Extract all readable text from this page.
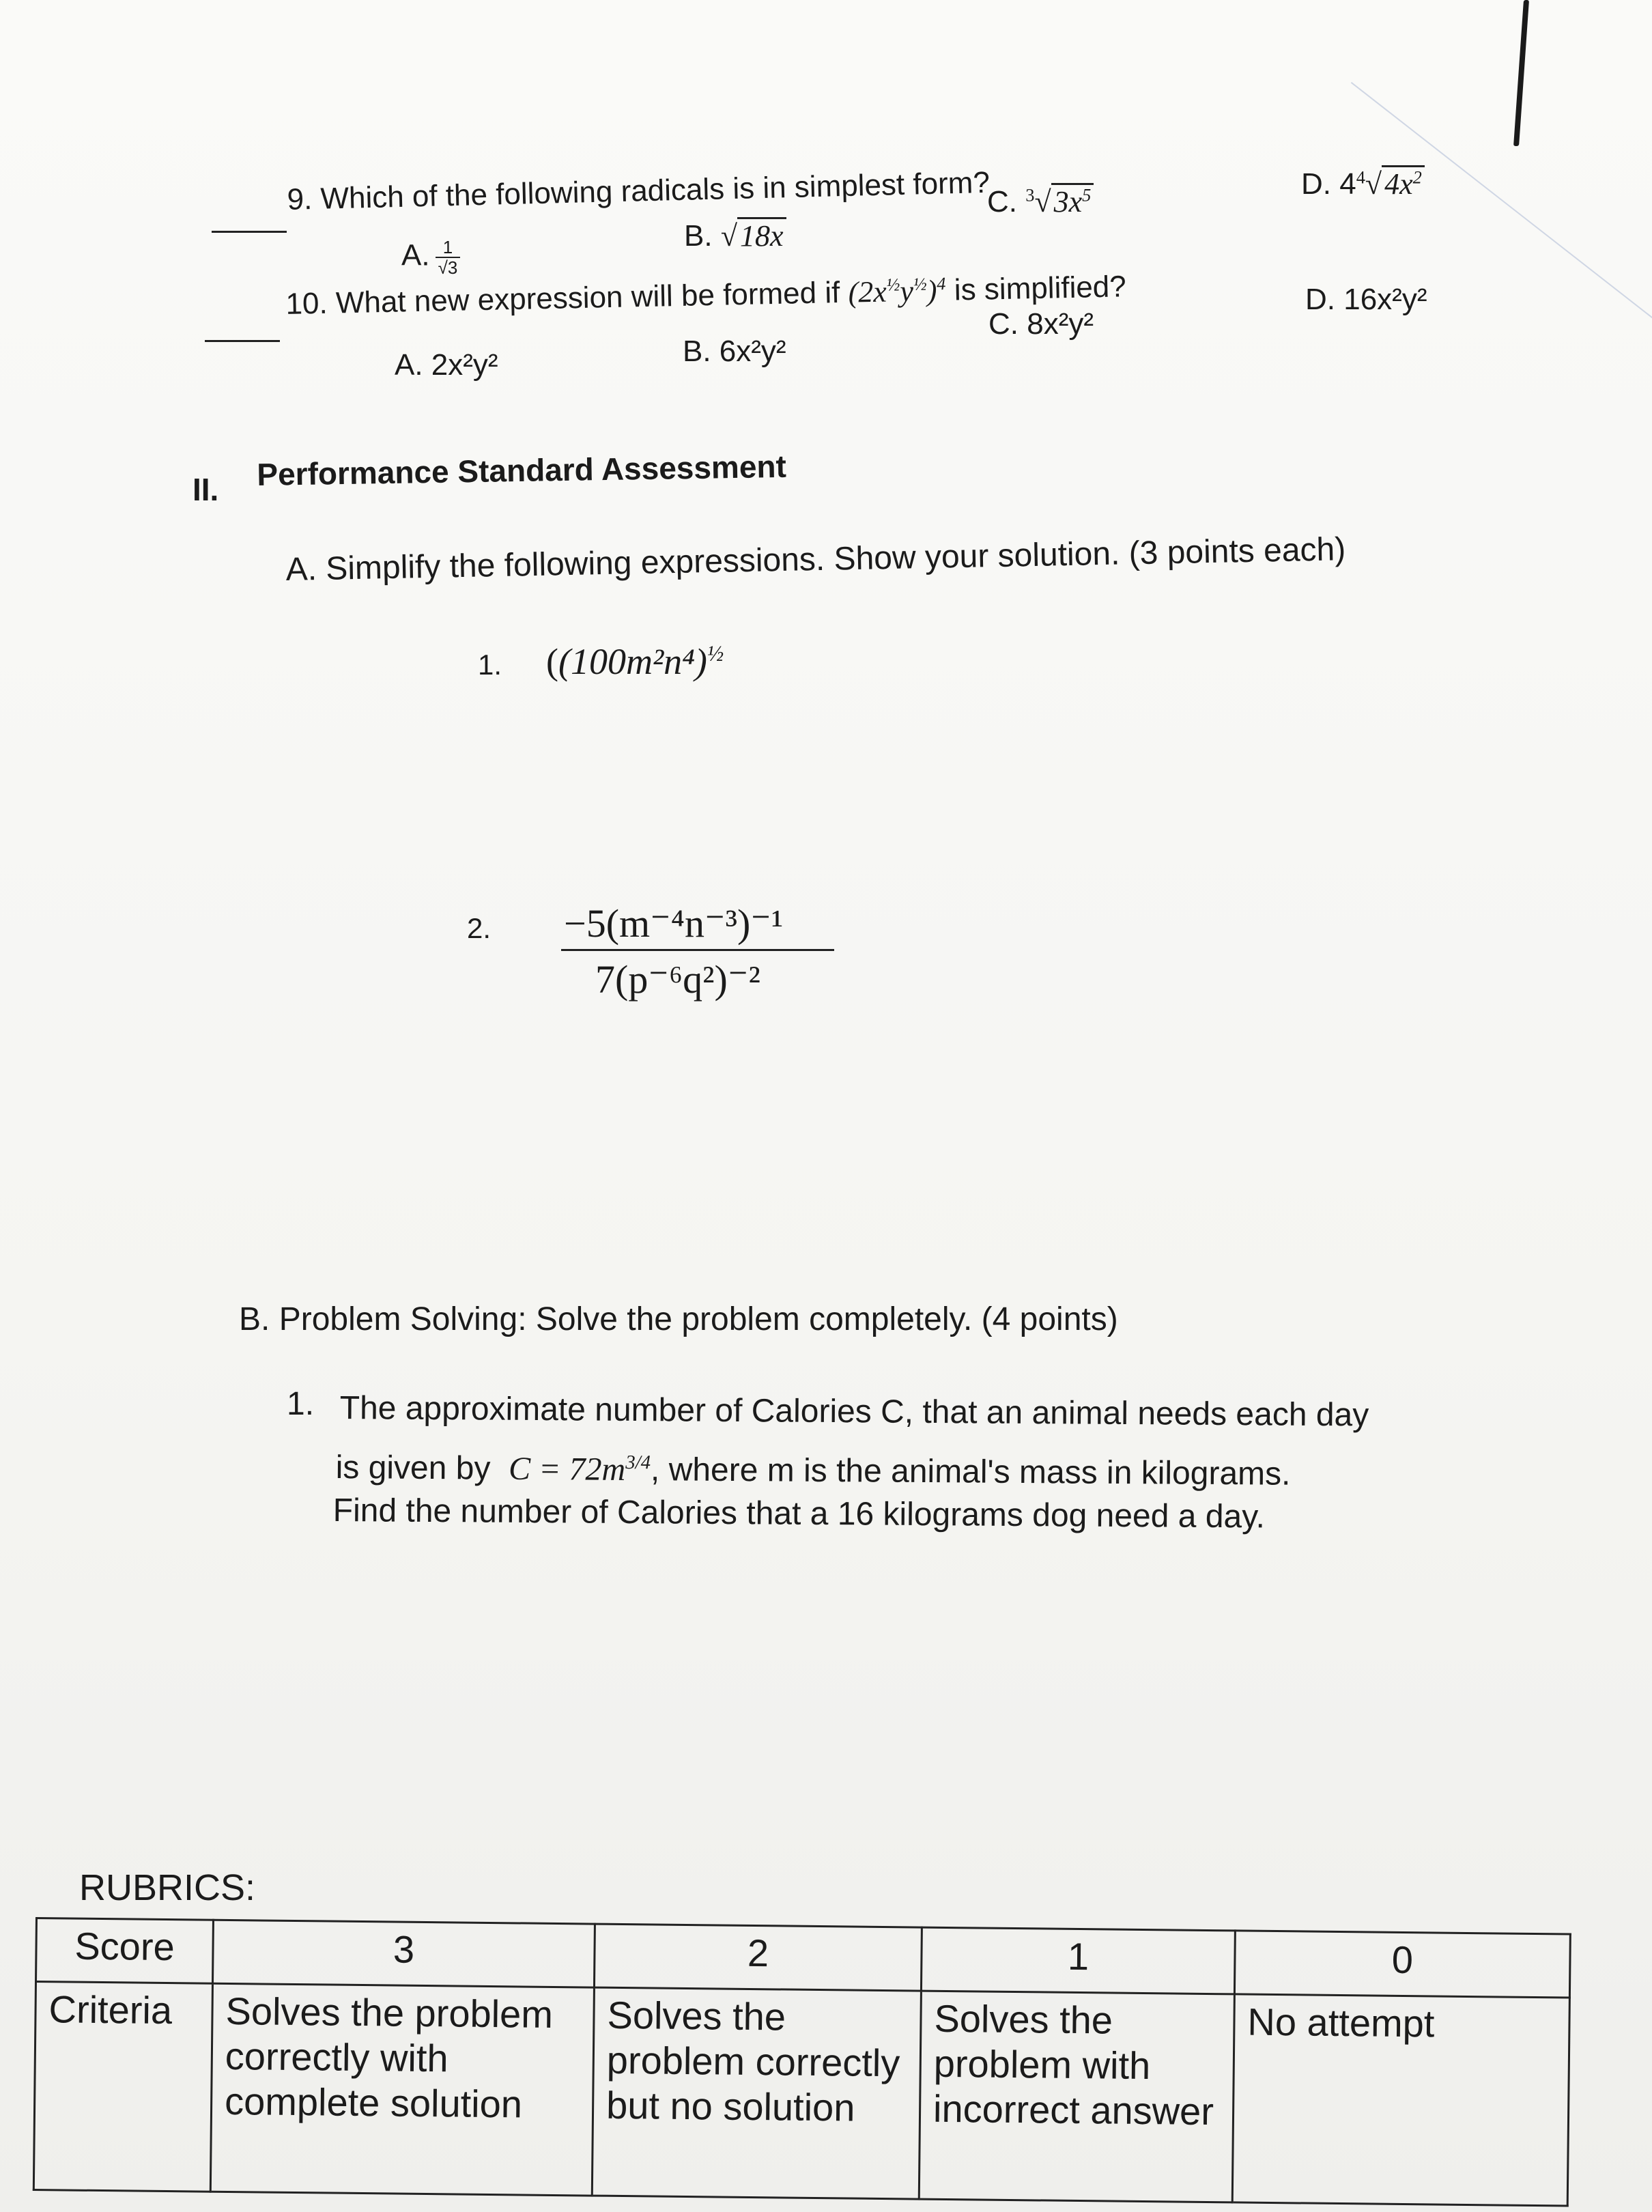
9. Which of the following radicals is in simplest form?
A. $\frac{1}{√3}$
B. √18x
C. $^3√3x^5$	D. $4^4√4x^2$
10. What new expression will be formed if $(2x^{\frac{1}{2}}y^{\frac{1}{2}})^4$ is simplified?
A. 2x²y²	B. 6x²y²
C. 8x²y²
D. 16x²y²
II. Performance Standard Assessment
A. Simplify the following expressions. Show your solution. (3 points each)
1. ($(100m^2n^4)^{\frac{1}{2}}$
2. −5(m⁻⁴n⁻³)⁻¹
7(p⁻⁶q²)⁻²
B. Problem Solving: Solve the problem completely. (4 points)
1. The approximate number of Calories C, that an animal needs each day
is given by $C = 72m^{3/4}$, where m is the animal's mass in kilograms.
Find the number of Calories that a 16 kilograms dog need a day.
RUBRICS:
Score	3	2	1	0
Criteria	Solves the problem correctly with complete solution	Solves the problem correctly but no solution	Solves the problem with incorrect answer	No attempt
